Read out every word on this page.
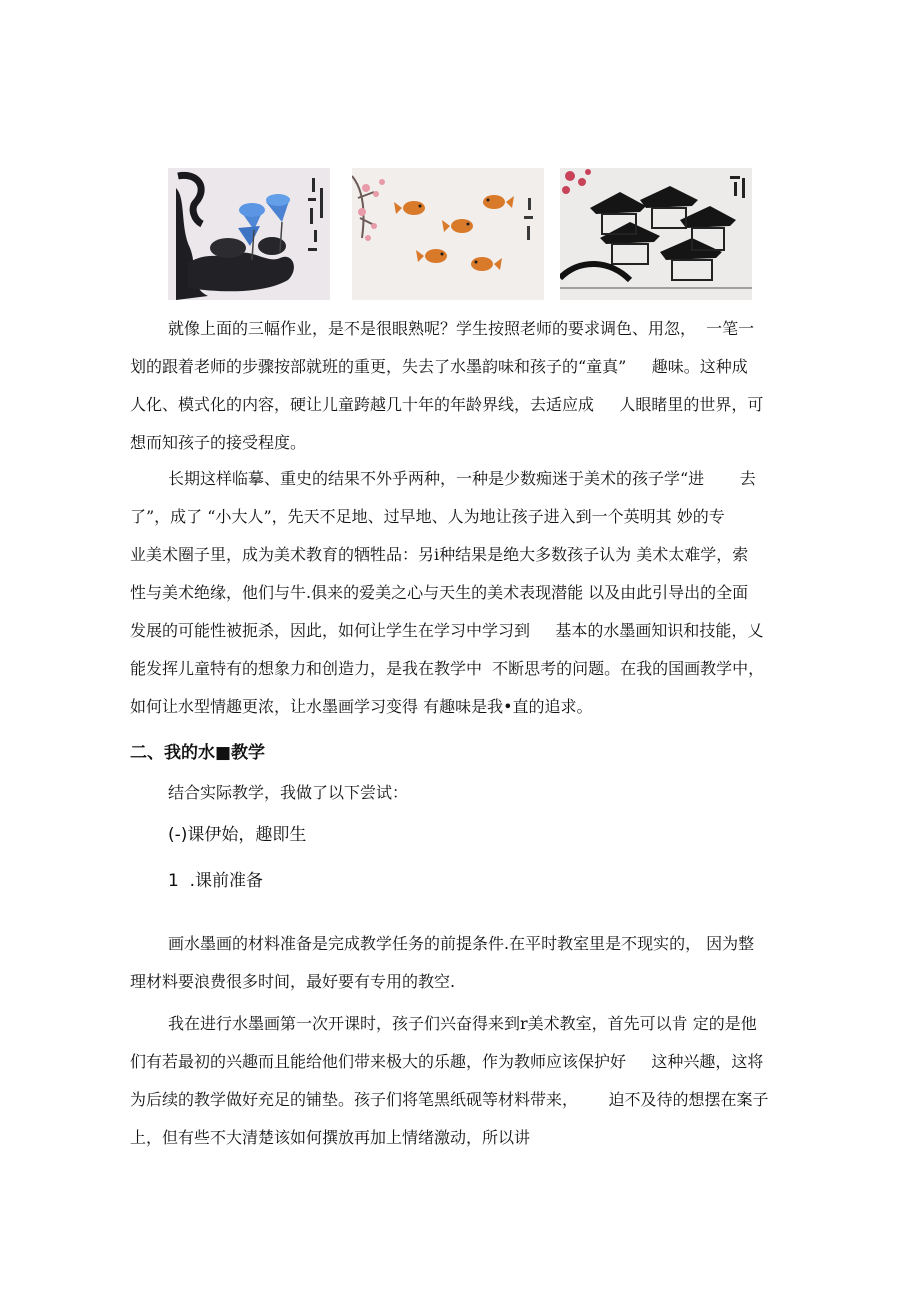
就像上面的三幅作业，是不是很眼熟呢？学生按照老师的要求调色、用忽，  一笔一
划的跟着老师的步骤按部就班的重更，失去了水墨韵味和孩子的“童真”     趣味。这种成
人化、模式化的内容，硬让儿童跨越几十年的年龄界线，去适应成     人眼睹里的世界，可
想而知孩子的接受程度。
长期这样临摹、重史的结果不外乎两种，一种是少数痴迷于美术的孩子学“进       去
了”，成了 “小大人”，先天不足地、过早地、人为地让孩子进入到一个英明其 妙的专
业美术圈子里，成为美术教育的牺牲品：另i种结果是绝大多数孩子认为 美术太难学，索
性与美术绝缘，他们与牛.俱来的爱美之心与天生的美术表现潜能 以及由此引导出的全面
发展的可能性被扼杀，因此，如何让学生在学习中学习到     基本的水墨画知识和技能，乂
能发挥儿童特有的想象力和创造力，是我在教学中  不断思考的问题。在我的国画教学中，
如何让水型情趣更浓，让水墨画学习变得 有趣味是我•直的追求。
二、我的水■教学

结合实际教学，我做了以下尝试：

(-)课伊始，趣即生

1  .课前准备

画水墨画的材料准备是完成教学任务的前提条件.在平时教室里是不现实的， 因为整
理材料要浪费很多时间，最好要有专用的教空.
我在进行水墨画第一次开课时，孩子们兴奋得来到r美术教室，首先可以肯 定的是他
们有若最初的兴趣而且能给他们带来极大的乐趣，作为教师应该保护好     这种兴趣，这将
为后续的教学做好充足的铺垫。孩子们将笔黑纸砚等材料带来，      迫不及待的想摆在案子
上，但有些不大清楚该如何撰放再加上情绪激动，所以讲
